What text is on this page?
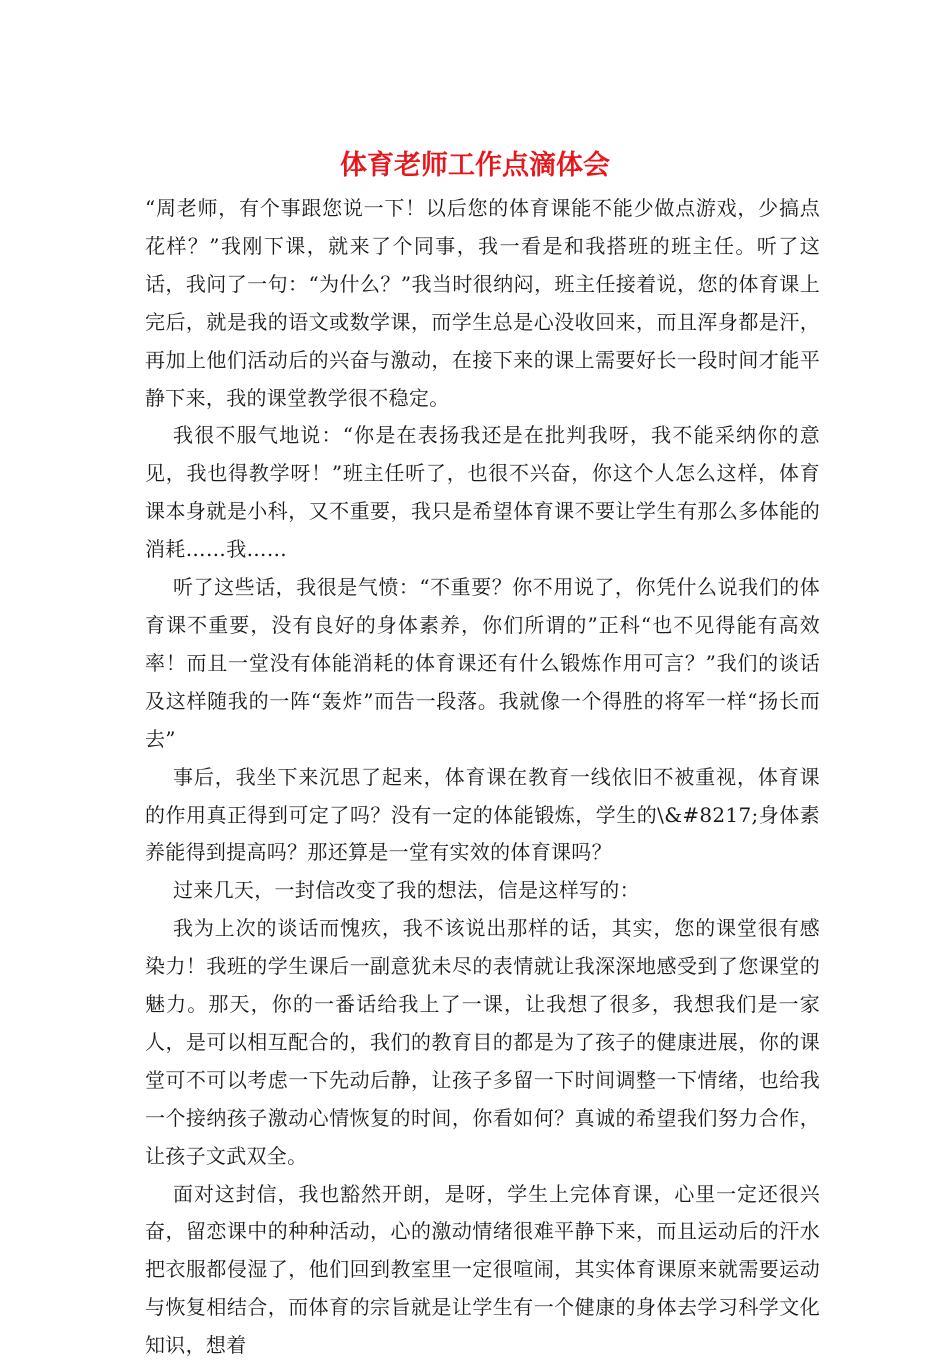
体育老师工作点滴体会

“周老师，有个事跟您说一下！以后您的体育课能不能少做点游戏，少搞点花样？”我刚下课，就来了个同事，我一看是和我搭班的班主任。听了这话，我问了一句：“为什么？”我当时很纳闷，班主任接着说，您的体育课上完后，就是我的语文或数学课，而学生总是心没收回来，而且浑身都是汗，再加上他们活动后的兴奋与激动，在接下来的课上需要好长一段时间才能平静下来，我的课堂教学很不稳定。

我很不服气地说：“你是在表扬我还是在批判我呀，我不能采纳你的意见，我也得教学呀！”班主任听了，也很不兴奋，你这个人怎么这样，体育课本身就是小科，又不重要，我只是希望体育课不要让学生有那么多体能的消耗……我……

听了这些话，我很是气愤：“不重要？你不用说了，你凭什么说我们的体育课不重要，没有良好的身体素养，你们所谓的”正科“也不见得能有高效率！而且一堂没有体能消耗的体育课还有什么锻炼作用可言？”我们的谈话及这样随我的一阵“轰炸”而告一段落。我就像一个得胜的将军一样“扬长而去”

事后，我坐下来沉思了起来，体育课在教育一线依旧不被重视，体育课的作用真正得到可定了吗？没有一定的体能锻炼，学生的\&#8217;身体素养能得到提高吗？那还算是一堂有实效的体育课吗？

过来几天，一封信改变了我的想法，信是这样写的：

我为上次的谈话而愧疚，我不该说出那样的话，其实，您的课堂很有感染力！我班的学生课后一副意犹未尽的表情就让我深深地感受到了您课堂的魅力。那天，你的一番话给我上了一课，让我想了很多，我想我们是一家人，是可以相互配合的，我们的教育目的都是为了孩子的健康进展，你的课堂可不可以考虑一下先动后静，让孩子多留一下时间调整一下情绪，也给我一个接纳孩子激动心情恢复的时间，你看如何？真诚的希望我们努力合作，让孩子文武双全。

面对这封信，我也豁然开朗，是呀，学生上完体育课，心里一定还很兴奋，留恋课中的种种活动，心的激动情绪很难平静下来，而且运动后的汗水把衣服都侵湿了，他们回到教室里一定很喧闹，其实体育课原来就需要运动与恢复相结合，而体育的宗旨就是让学生有一个健康的身体去学习科学文化知识，想着
